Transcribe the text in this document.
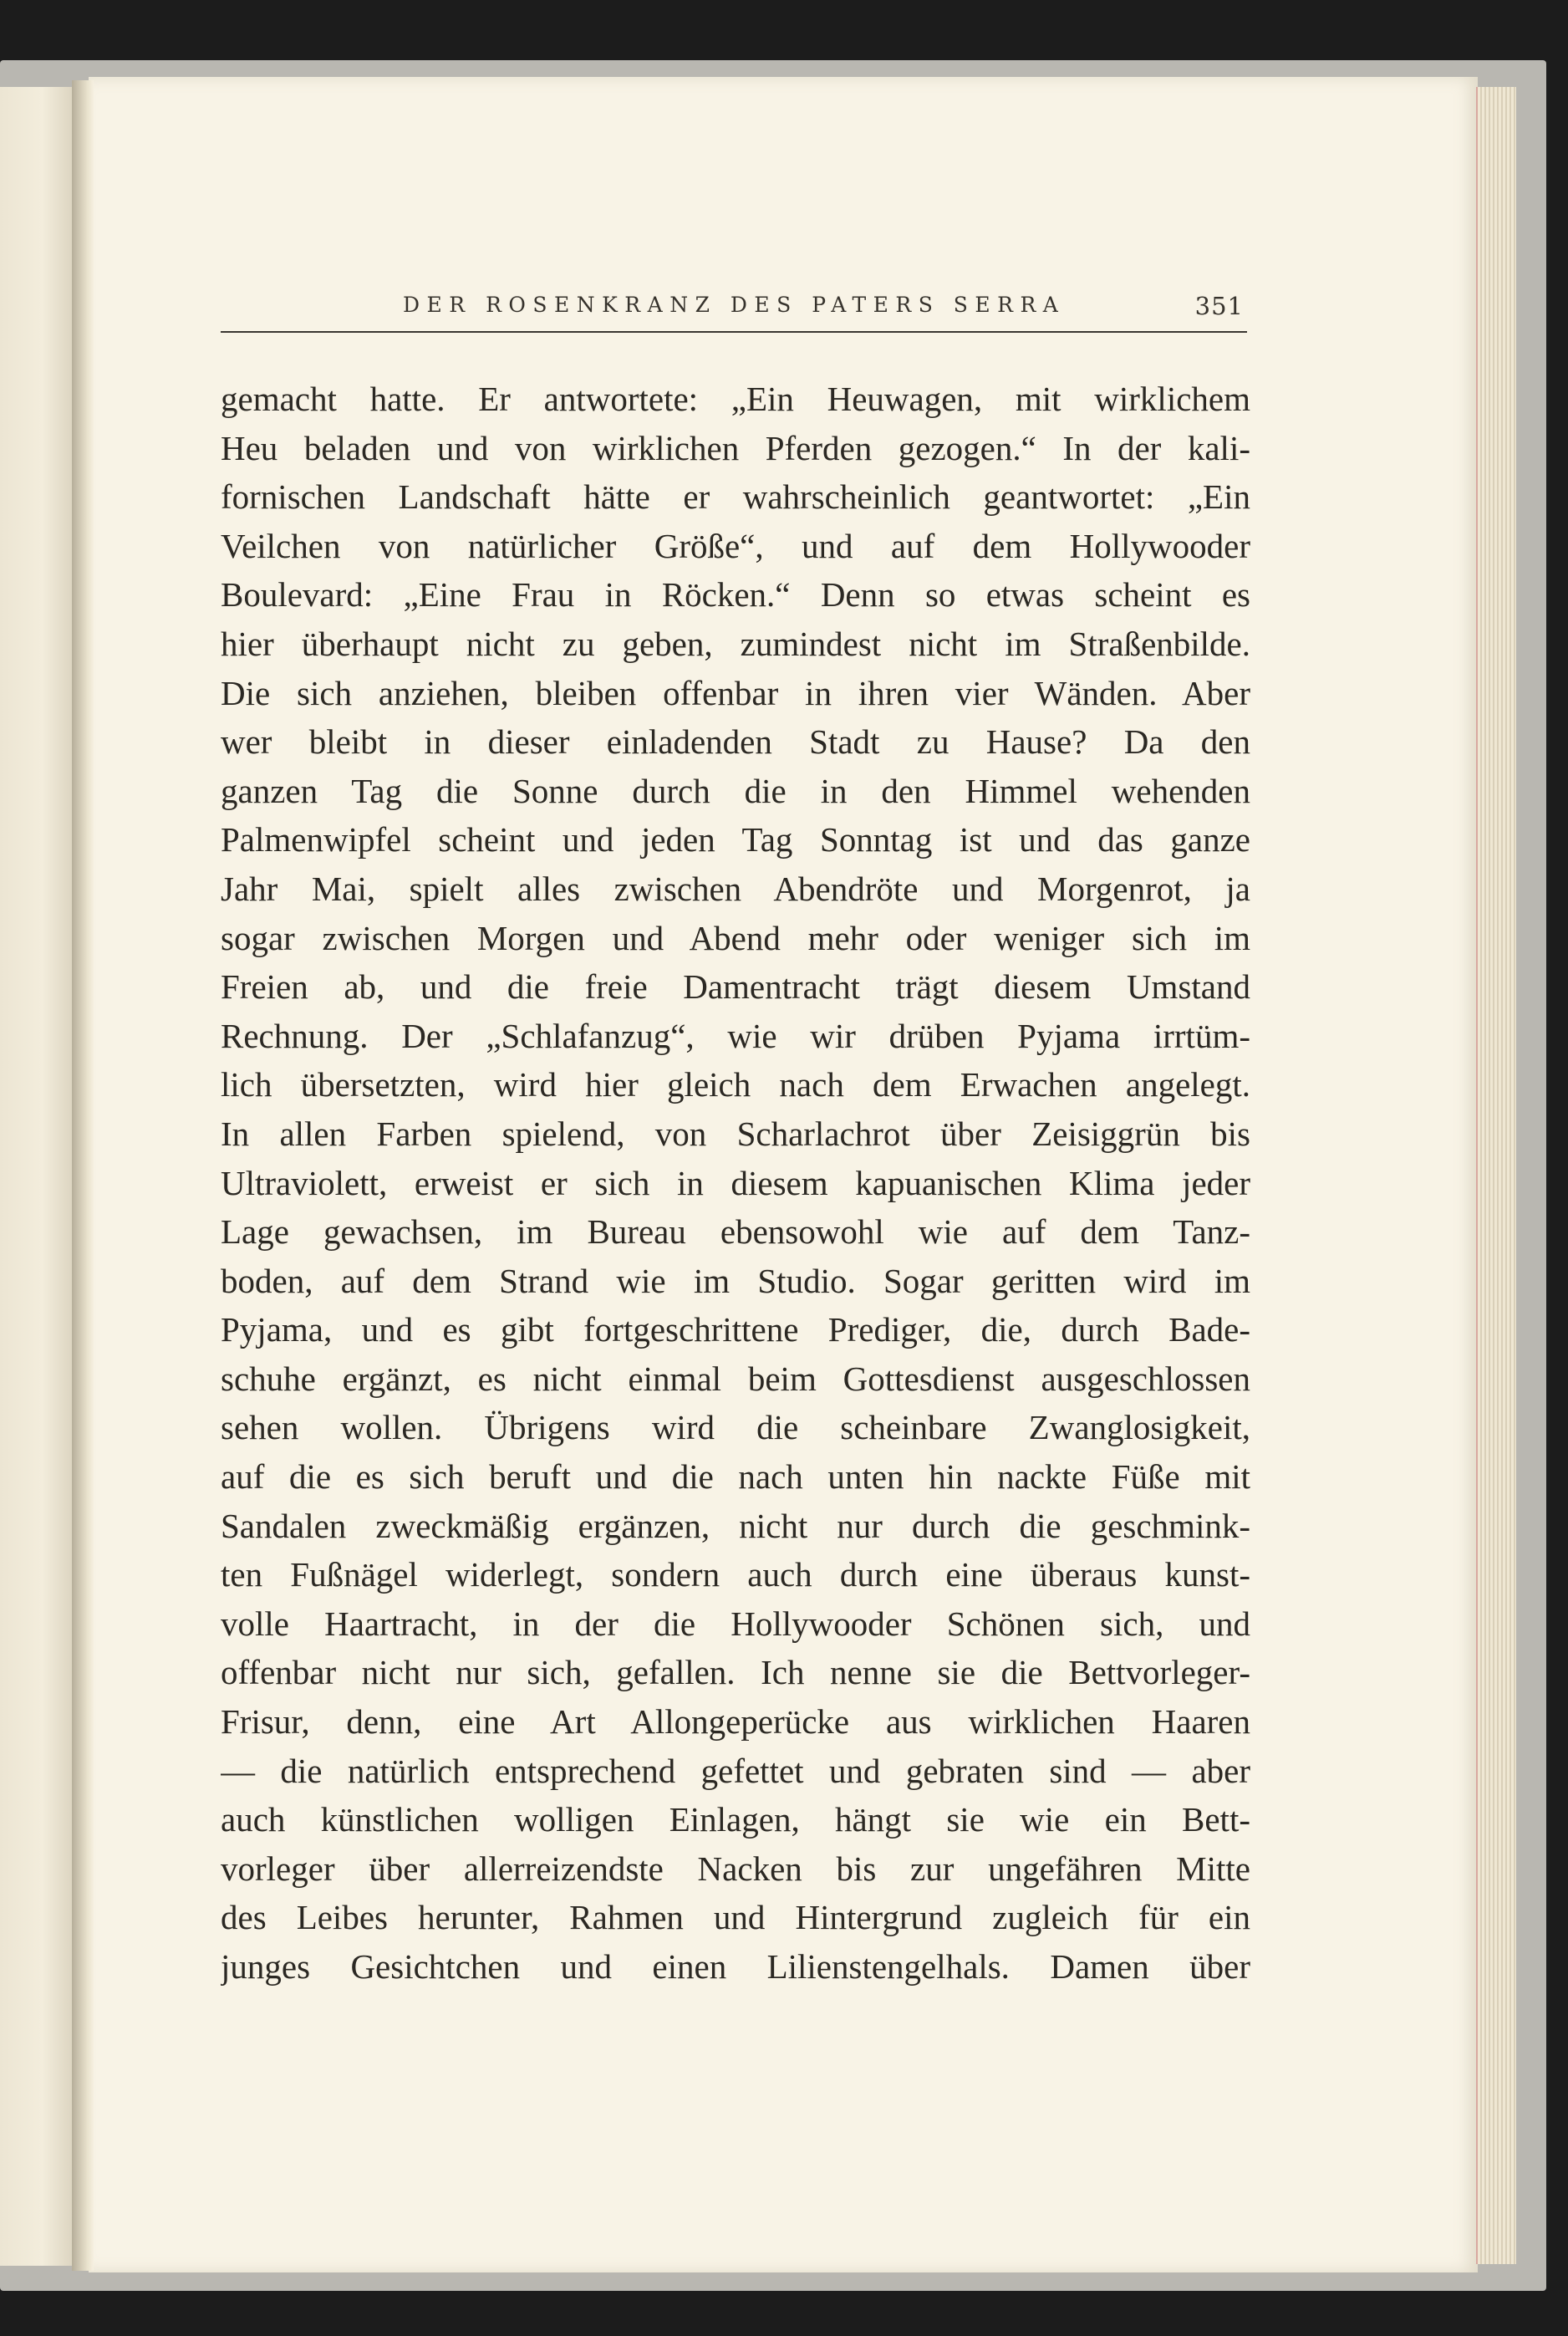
DER ROSENKRANZ DES PATERS SERRA	351
gemacht hatte. Er antwortete: „Ein Heuwagen, mit wirklichem
Heu beladen und von wirklichen Pferden gezogen.“ In der kali-
fornischen Landschaft hätte er wahrscheinlich geantwortet: „Ein
Veilchen von natürlicher Größe“, und auf dem Hollywooder
Boulevard: „Eine Frau in Röcken.“ Denn so etwas scheint es
hier überhaupt nicht zu geben, zumindest nicht im Straßenbilde.
Die sich anziehen, bleiben offenbar in ihren vier Wänden. Aber
wer bleibt in dieser einladenden Stadt zu Hause? Da den
ganzen Tag die Sonne durch die in den Himmel wehenden
Palmenwipfel scheint und jeden Tag Sonntag ist und das ganze
Jahr Mai, spielt alles zwischen Abendröte und Morgenrot, ja
sogar zwischen Morgen und Abend mehr oder weniger sich im
Freien ab, und die freie Damentracht trägt diesem Umstand
Rechnung. Der „Schlafanzug“, wie wir drüben Pyjama irrtüm-
lich übersetzten, wird hier gleich nach dem Erwachen angelegt.
In allen Farben spielend, von Scharlachrot über Zeisiggrün bis
Ultraviolett, erweist er sich in diesem kapuanischen Klima jeder
Lage gewachsen, im Bureau ebensowohl wie auf dem Tanz-
boden, auf dem Strand wie im Studio. Sogar geritten wird im
Pyjama, und es gibt fortgeschrittene Prediger, die, durch Bade-
schuhe ergänzt, es nicht einmal beim Gottesdienst ausgeschlossen
sehen wollen. Übrigens wird die scheinbare Zwanglosigkeit,
auf die es sich beruft und die nach unten hin nackte Füße mit
Sandalen zweckmäßig ergänzen, nicht nur durch die geschmink-
ten Fußnägel widerlegt, sondern auch durch eine überaus kunst-
volle Haartracht, in der die Hollywooder Schönen sich, und
offenbar nicht nur sich, gefallen. Ich nenne sie die Bettvorleger-
Frisur, denn, eine Art Allongeperücke aus wirklichen Haaren
— die natürlich entsprechend gefettet und gebraten sind — aber
auch künstlichen wolligen Einlagen, hängt sie wie ein Bett-
vorleger über allerreizendste Nacken bis zur ungefähren Mitte
des Leibes herunter, Rahmen und Hintergrund zugleich für ein
junges Gesichtchen und einen Lilienstengelhals. Damen über
